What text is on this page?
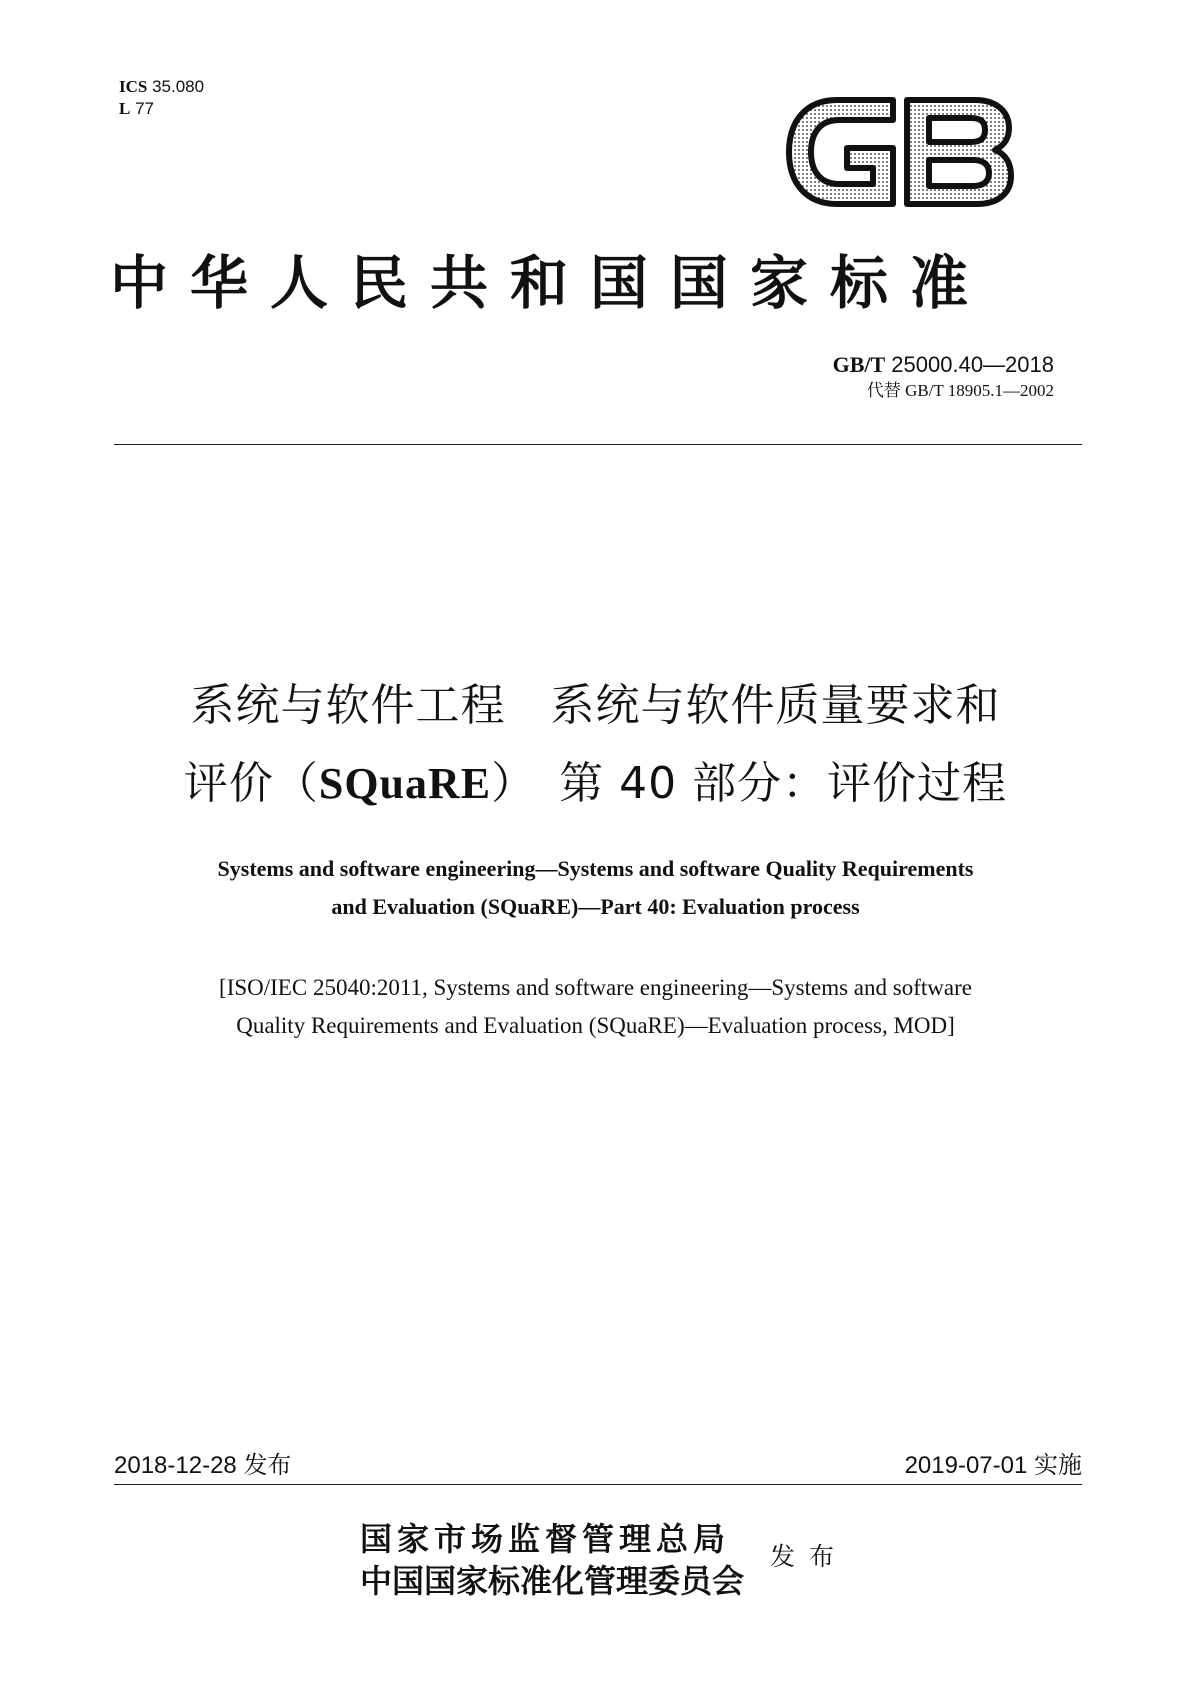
ICS 35.080
L 77
中华人民共和国国家标准
GB/T 25000.40—2018
代替 GB/T 18905.1—2002
系统与软件工程　系统与软件质量要求和
评价（SQuaRE）　第 40 部分：评价过程
Systems and software engineering—Systems and software Quality Requirements
and Evaluation (SQuaRE)—Part 40: Evaluation process
[ISO/IEC 25040:2011, Systems and software engineering—Systems and software
Quality Requirements and Evaluation (SQuaRE)—Evaluation process, MOD]
2018-12-28 发布	2019-07-01 实施
国家市场监督管理总局
中国国家标准化管理委员会
发布
